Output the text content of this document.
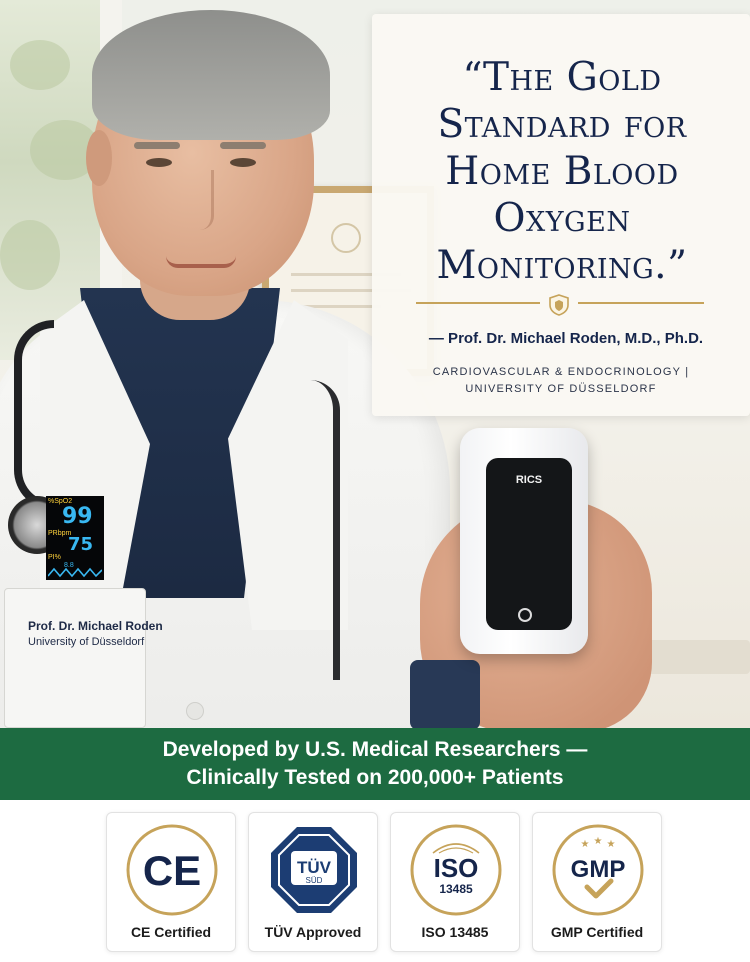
Prof. Dr. Michael Roden
University of Düsseldorf
RICS
%SpO2
99
PRbpm
75
PI%
8.8
“The Gold
Standard for
Home Blood
Oxygen
Monitoring.”
— Prof. Dr. Michael Roden, M.D., Ph.D.
CARDIOVASCULAR & ENDOCRINOLOGY |
UNIVERSITY OF DÜSSELDORF
Developed by U.S. Medical Researchers —
Clinically Tested on 200,000+ Patients
CE
CE Certified
TÜV
SÜD
TÜV Approved
ISO
13485
ISO 13485
★ ★ ★
GMP
GMP Certified
